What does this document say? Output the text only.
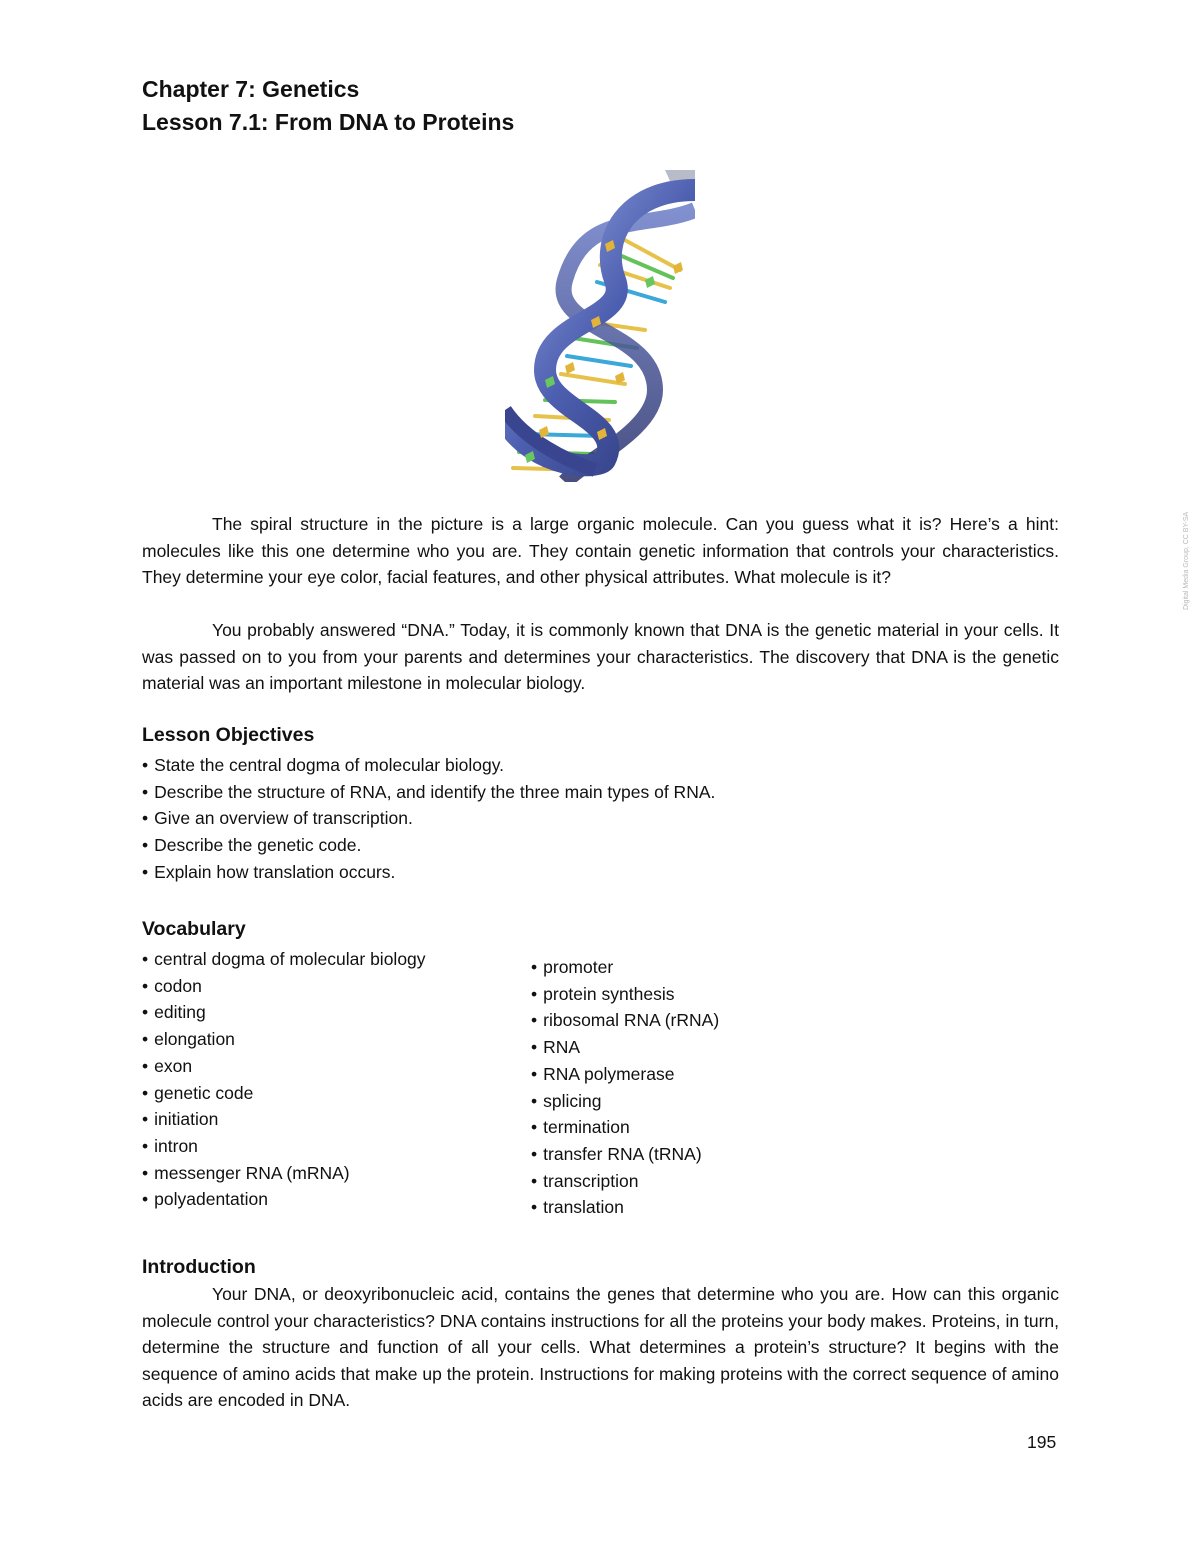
Chapter 7: Genetics
Lesson 7.1: From DNA to Proteins
Digital Media Group, CC BY-SA
The spiral structure in the picture is a large organic molecule. Can you guess what it is? Here’s a hint: molecules like this one determine who you are. They contain genetic information that controls your characteristics. They determine your eye color, facial features, and other physical attributes. What molecule is it?
You probably answered “DNA.” Today, it is commonly known that DNA is the genetic material in your cells. It was passed on to you from your parents and determines your characteristics. The discovery that DNA is the genetic material was an important milestone in molecular biology.
Lesson Objectives
• State the central dogma of molecular biology.
• Describe the structure of RNA, and identify the three main types of RNA.
• Give an overview of transcription.
• Describe the genetic code.
• Explain how translation occurs.
Vocabulary
• central dogma of molecular biology
• codon
• editing
• elongation
• exon
• genetic code
• initiation
• intron
• messenger RNA (mRNA)
• polyadentation
• promoter
• protein synthesis
• ribosomal RNA (rRNA)
• RNA
• RNA polymerase
• splicing
• termination
• transfer RNA (tRNA)
• transcription
• translation
Introduction
Your DNA, or deoxyribonucleic acid, contains the genes that determine who you are. How can this organic molecule control your characteristics? DNA contains instructions for all the proteins your body makes. Proteins, in turn, determine the structure and function of all your cells. What determines a protein’s structure? It begins with the sequence of amino acids that make up the protein. Instructions for making proteins with the correct sequence of amino acids are encoded in DNA.
195
